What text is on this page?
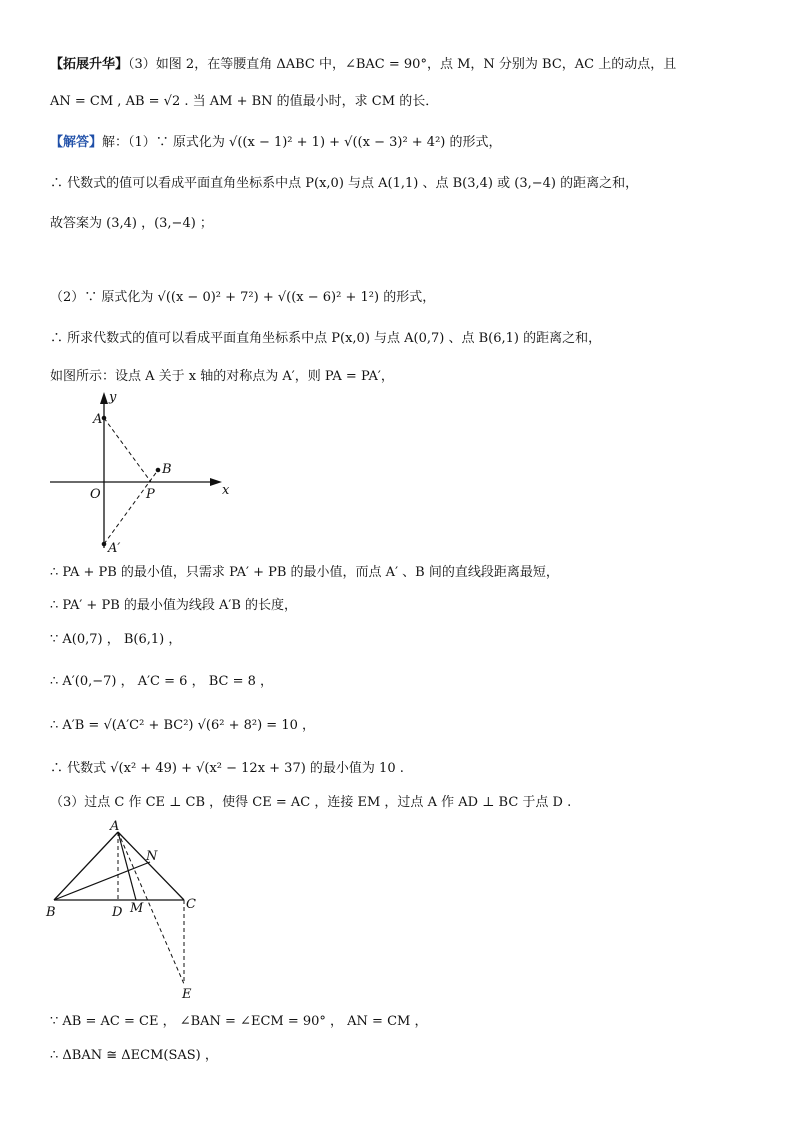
【拓展升华】（3）如图 2，在等腰直角 ΔABC 中，∠BAC = 90°，点 M，N 分别为 BC，AC 上的动点，且
AN = CM , AB = √2 . 当 AM + BN 的值最小时，求 CM 的长．
【解答】解：（1）∵ 原式化为 √((x − 1)² + 1) + √((x − 3)² + 4²) 的形式，
∴ 代数式的值可以看成平面直角坐标系中点 P(x,0) 与点 A(1,1) 、点 B(3,4) 或 (3,−4) 的距离之和，
故答案为 (3,4) ，(3,−4) ；
（2）∵ 原式化为 √((x − 0)² + 7²) + √((x − 6)² + 1²) 的形式，
∴ 所求代数式的值可以看成平面直角坐标系中点 P(x,0) 与点 A(0,7) 、点 B(6,1) 的距离之和，
如图所示：设点 A 关于 x 轴的对称点为 A′，则 PA = PA′，
y
A
B
O	P	x
A′
∴ PA + PB 的最小值，只需求 PA′ + PB 的最小值，而点 A′ 、B 间的直线段距离最短，
∴ PA′ + PB 的最小值为线段 A′B 的长度，
∵ A(0,7) ， B(6,1) ，
∴ A′(0,−7) ， A′C = 6 ， BC = 8 ，
∴ A′B = √(A′C² + BC²) √(6² + 8²) = 10 ，
∴ 代数式 √(x² + 49) + √(x² − 12x + 37) 的最小值为 10 .
（3）过点 C 作 CE ⊥ CB ，使得 CE = AC ，连接 EM ，过点 A 作 AD ⊥ BC 于点 D .
A
N
B	D M	C
E
∵ AB = AC = CE ， ∠BAN = ∠ECM = 90° ， AN = CM ，
∴ ΔBAN ≅ ΔECM(SAS) ，
